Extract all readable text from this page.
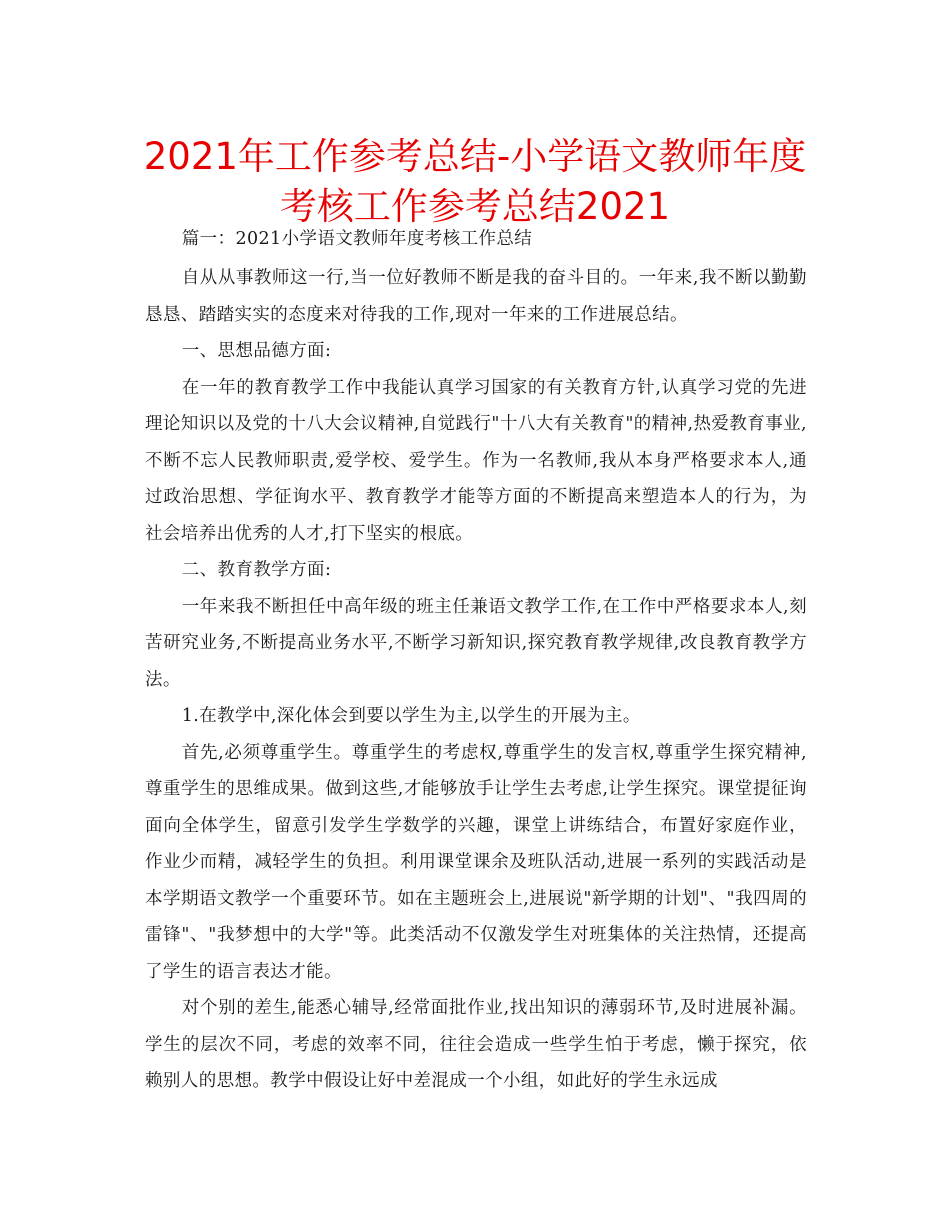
2021年工作参考总结-小学语文教师年度考核工作参考总结2021

篇一：2021小学语文教师年度考核工作总结

自从从事教师这一行,当一位好教师不断是我的奋斗目的。一年来,我不断以勤勤恳恳、踏踏实实的态度来对待我的工作,现对一年来的工作进展总结。

一、思想品德方面:

在一年的教育教学工作中我能认真学习国家的有关教育方针,认真学习党的先进理论知识以及党的十八大会议精神,自觉践行"十八大有关教育"的精神,热爱教育事业,不断不忘人民教师职责,爱学校、爱学生。作为一名教师,我从本身严格要求本人,通过政治思想、学征询水平、教育教学才能等方面的不断提高来塑造本人的行为，为社会培养出优秀的人才,打下坚实的根底。

二、教育教学方面:

一年来我不断担任中高年级的班主任兼语文教学工作,在工作中严格要求本人,刻苦研究业务,不断提高业务水平,不断学习新知识,探究教育教学规律,改良教育教学方法。

1.在教学中,深化体会到要以学生为主,以学生的开展为主。

首先,必须尊重学生。尊重学生的考虑权,尊重学生的发言权,尊重学生探究精神,尊重学生的思维成果。做到这些,才能够放手让学生去考虑,让学生探究。课堂提征询面向全体学生，留意引发学生学数学的兴趣，课堂上讲练结合，布置好家庭作业，作业少而精，减轻学生的负担。利用课堂课余及班队活动,进展一系列的实践活动是本学期语文教学一个重要环节。如在主题班会上,进展说"新学期的计划"、"我四周的雷锋"、"我梦想中的大学"等。此类活动不仅激发学生对班集体的关注热情，还提高了学生的语言表达才能。

对个别的差生,能悉心辅导,经常面批作业,找出知识的薄弱环节,及时进展补漏。学生的层次不同，考虑的效率不同，往往会造成一些学生怕于考虑，懒于探究，依赖别人的思想。教学中假设让好中差混成一个小组，如此好的学生永远成
